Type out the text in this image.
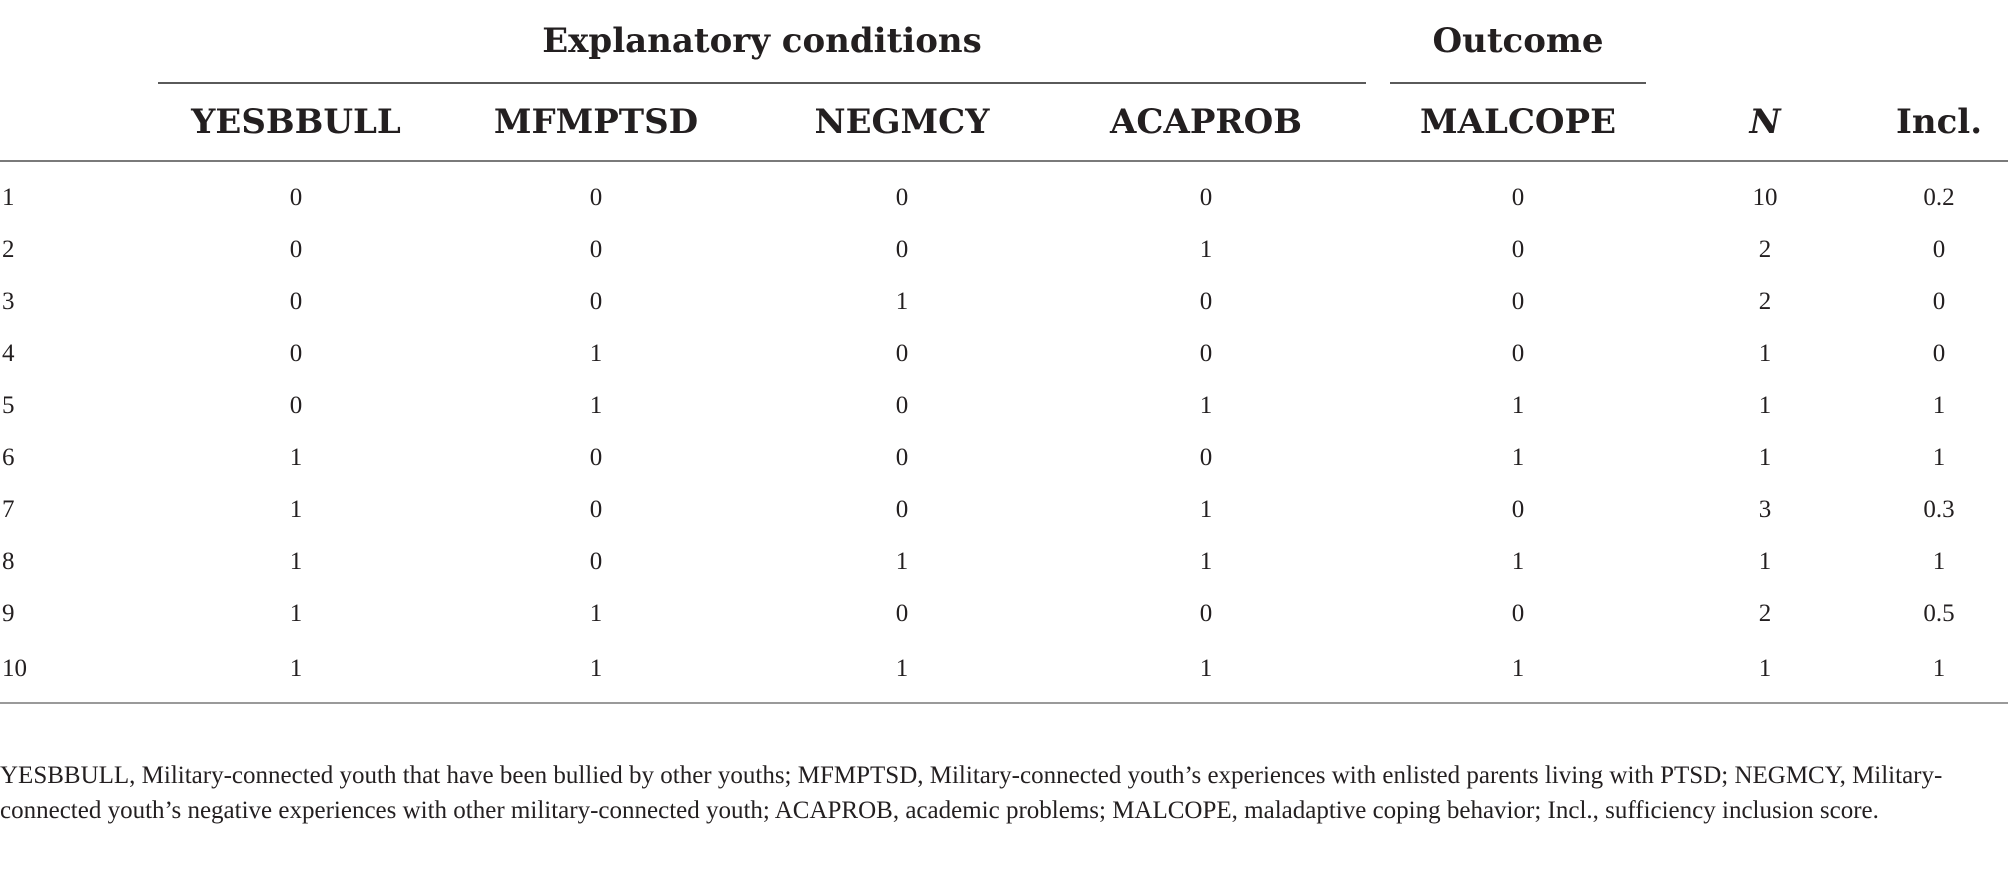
	Explanatory conditions					Outcome			
	YESBBULL	MFMPTSD	NEGMCY	ACAPROB		MALCOPE		N	Incl.
1	0	0	0	0		0		10	0.2
2	0	0	0	1		0		2	0
3	0	0	1	0		0		2	0
4	0	1	0	0		0		1	0
5	0	1	0	1		1		1	1
6	1	0	0	0		1		1	1
7	1	0	0	1		0		3	0.3
8	1	0	1	1		1		1	1
9	1	1	0	0		0		2	0.5
10	1	1	1	1		1		1	1

YESBBULL, Military-connected youth that have been bullied by other youths; MFMPTSD, Military-connected youth’s experiences with enlisted parents living with PTSD; NEGMCY, Military-connected youth’s negative experiences with other military-connected youth; ACAPROB, academic problems; MALCOPE, maladaptive coping behavior; Incl., sufficiency inclusion score.
